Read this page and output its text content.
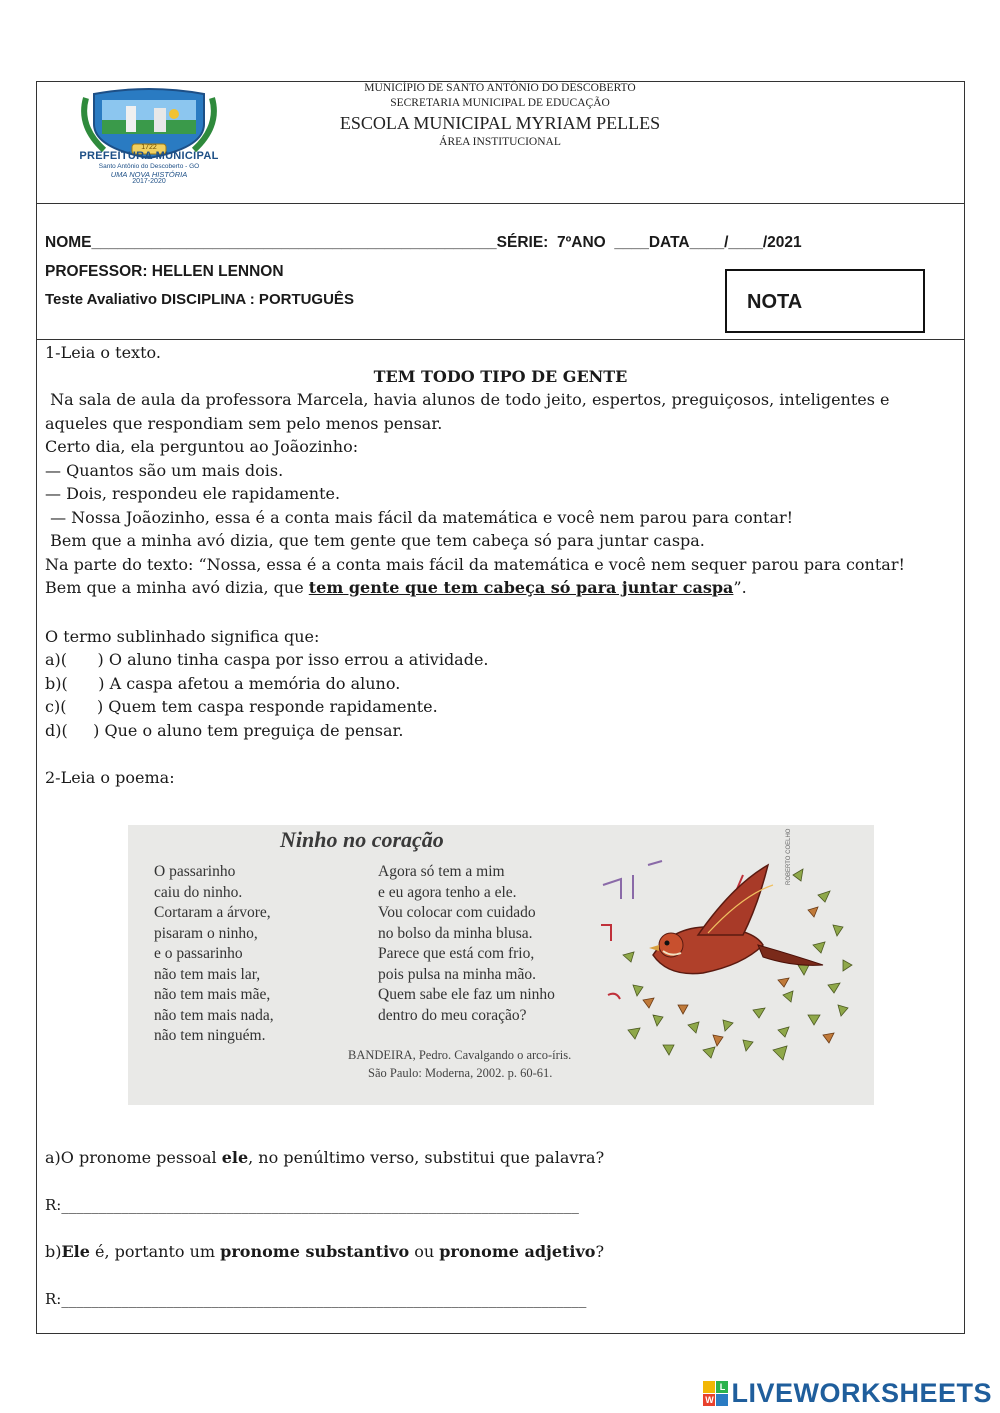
1722
PREFEITURA MUNICIPAL
Santo Antônio do Descoberto - GO
UMA NOVA HISTÓRIA
2017-2020
MUNICÍPIO DE SANTO ANTÔNIO DO DESCOBERTO
SECRETARIA MUNICIPAL DE EDUCAÇÃO
ESCOLA MUNICIPAL MYRIAM PELLES
ÁREA INSTITUCIONAL
NOME_______________________________________________SÉRIE: 7ºANO ____DATA____/____/2021
PROFESSOR: HELLEN LENNON
Teste Avaliativo DISCIPLINA : PORTUGUÊS	NOTA
1-Leia o texto.
TEM TODO TIPO DE GENTE

Na sala de aula da professora Marcela, havia alunos de todo jeito, espertos, preguiçosos, inteligentes e

aqueles que respondiam sem pelo menos pensar.

Certo dia, ela perguntou ao Joãozinho:

— Quantos são um mais dois.

— Dois, respondeu ele rapidamente.

— Nossa Joãozinho, essa é a conta mais fácil da matemática e você nem parou para contar!

Bem que a minha avó dizia, que tem gente que tem cabeça só para juntar caspa.

Na parte do texto: “Nossa, essa é a conta mais fácil da matemática e você nem sequer parou para contar!

Bem que a minha avó dizia, que tem gente que tem cabeça só para juntar caspa”.

O termo sublinhado significa que:

a)(      ) O aluno tinha caspa por isso errou a atividade.

b)(      ) A caspa afetou a memória do aluno.

c)(      ) Quem tem caspa responde rapidamente.

d)(     ) Que o aluno tem preguiça de pensar.

2-Leia o poema:
Ninho no coração
O passarinho
caiu do ninho.
Cortaram a árvore,
pisaram o ninho,
e o passarinho
não tem mais lar,
não tem mais mãe,
não tem mais nada,
não tem ninguém.
Agora só tem a mim
e eu agora tenho a ele.
Vou colocar com cuidado
no bolso da minha blusa.
Parece que está com frio,
pois pulsa na minha mão.
Quem sabe ele faz um ninho
dentro do meu coração?
BANDEIRA, Pedro. Cavalgando o arco-íris.
São Paulo: Moderna, 2002. p. 60-61.
ROBERTO COELHO
a)O pronome pessoal ele, no penúltimo verso, substitui que palavra?
R:_____________________________________________________________________
b)Ele é, portanto um pronome substantivo ou pronome adjetivo?
R:______________________________________________________________________
L
W LIVEWORKSHEETS
